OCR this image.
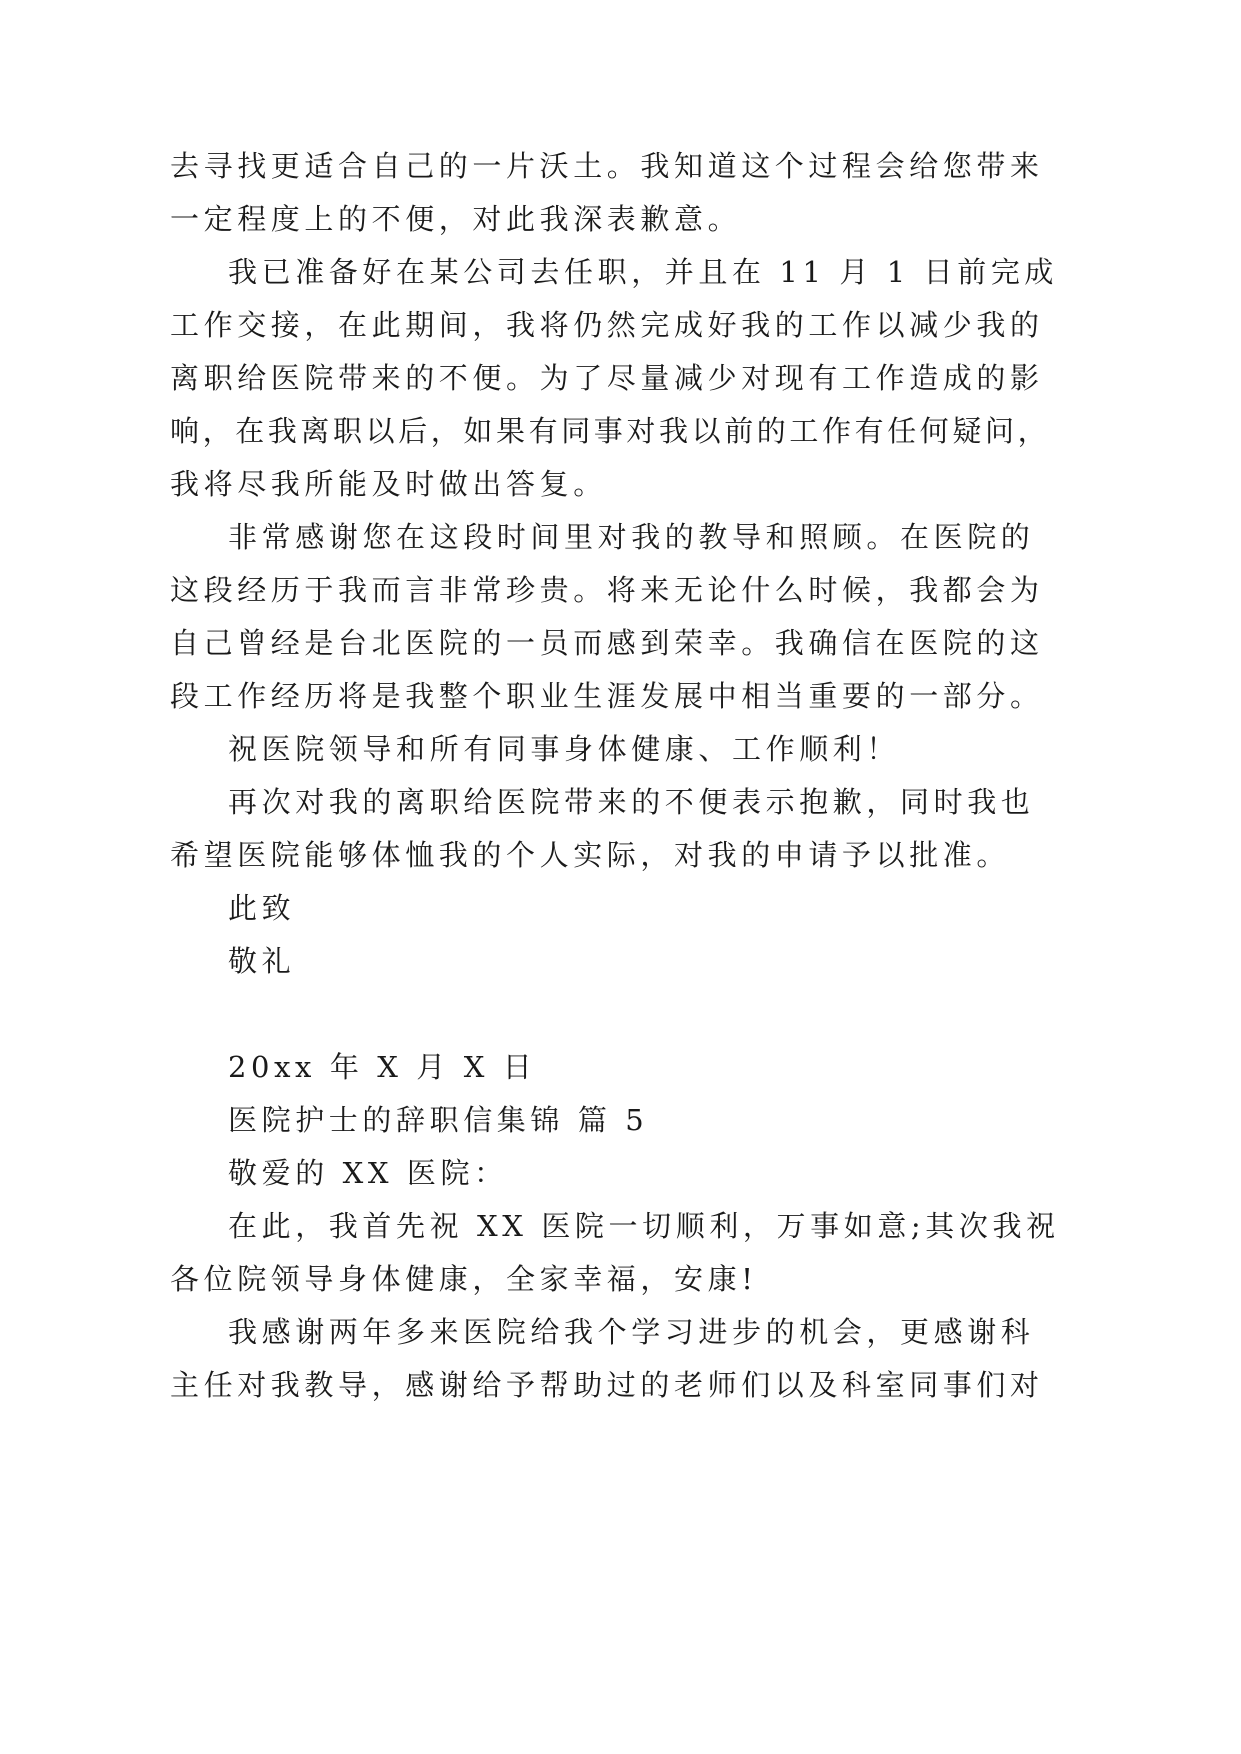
去寻找更适合自己的一片沃土。我知道这个过程会给您带来
一定程度上的不便，对此我深表歉意。
我已准备好在某公司去任职，并且在 11 月 1 日前完成
工作交接，在此期间，我将仍然完成好我的工作以减少我的
离职给医院带来的不便。为了尽量减少对现有工作造成的影
响，在我离职以后，如果有同事对我以前的工作有任何疑问，
我将尽我所能及时做出答复。
非常感谢您在这段时间里对我的教导和照顾。在医院的
这段经历于我而言非常珍贵。将来无论什么时候，我都会为
自己曾经是台北医院的一员而感到荣幸。我确信在医院的这
段工作经历将是我整个职业生涯发展中相当重要的一部分。
祝医院领导和所有同事身体健康、工作顺利！
再次对我的离职给医院带来的不便表示抱歉，同时我也
希望医院能够体恤我的个人实际，对我的申请予以批准。
此致
敬礼
20xx 年 X 月 X 日
医院护士的辞职信集锦 篇 5
敬爱的 XX 医院：
在此，我首先祝 XX 医院一切顺利，万事如意;其次我祝
各位院领导身体健康，全家幸福，安康!
我感谢两年多来医院给我个学习进步的机会，更感谢科
主任对我教导，感谢给予帮助过的老师们以及科室同事们对
